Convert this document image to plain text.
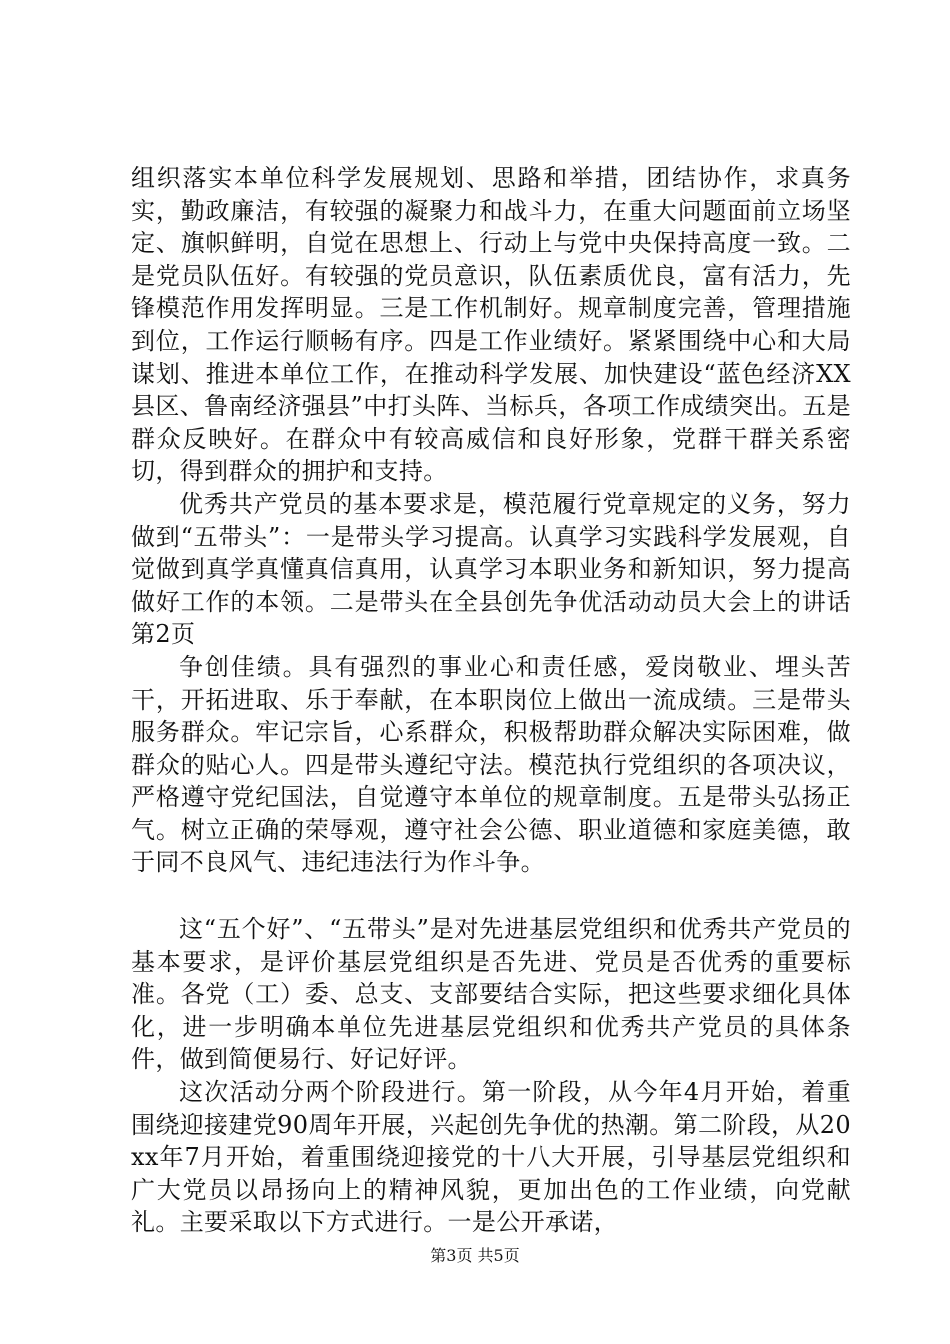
组织落实本单位科学发展规划、思路和举措，团结协作，求真务实，勤政廉洁，有较强的凝聚力和战斗力，在重大问题面前立场坚定、旗帜鲜明，自觉在思想上、行动上与党中央保持高度一致。二是党员队伍好。有较强的党员意识，队伍素质优良，富有活力，先锋模范作用发挥明显。三是工作机制好。规章制度完善，管理措施到位，工作运行顺畅有序。四是工作业绩好。紧紧围绕中心和大局谋划、推进本单位工作，在推动科学发展、加快建设“蓝色经济XX县区、鲁南经济强县”中打头阵、当标兵，各项工作成绩突出。五是群众反映好。在群众中有较高威信和良好形象，党群干群关系密切，得到群众的拥护和支持。

优秀共产党员的基本要求是，模范履行党章规定的义务，努力做到“五带头”：一是带头学习提高。认真学习实践科学发展观，自觉做到真学真懂真信真用，认真学习本职业务和新知识，努力提高做好工作的本领。二是带头在全县创先争优活动动员大会上的讲话第2页

争创佳绩。具有强烈的事业心和责任感，爱岗敬业、埋头苦干，开拓进取、乐于奉献，在本职岗位上做出一流成绩。三是带头服务群众。牢记宗旨，心系群众，积极帮助群众解决实际困难，做群众的贴心人。四是带头遵纪守法。模范执行党组织的各项决议，严格遵守党纪国法，自觉遵守本单位的规章制度。五是带头弘扬正气。树立正确的荣辱观，遵守社会公德、职业道德和家庭美德，敢于同不良风气、违纪违法行为作斗争。

这“五个好”、“五带头”是对先进基层党组织和优秀共产党员的基本要求，是评价基层党组织是否先进、党员是否优秀的重要标准。各党（工）委、总支、支部要结合实际，把这些要求细化具体化，进一步明确本单位先进基层党组织和优秀共产党员的具体条件，做到简便易行、好记好评。

这次活动分两个阶段进行。第一阶段，从今年4月开始，着重围绕迎接建党90周年开展，兴起创先争优的热潮。第二阶段，从20xx年7月开始，着重围绕迎接党的十八大开展，引导基层党组织和广大党员以昂扬向上的精神风貌，更加出色的工作业绩，向党献礼。主要采取以下方式进行。一是公开承诺，

第3页 共5页
